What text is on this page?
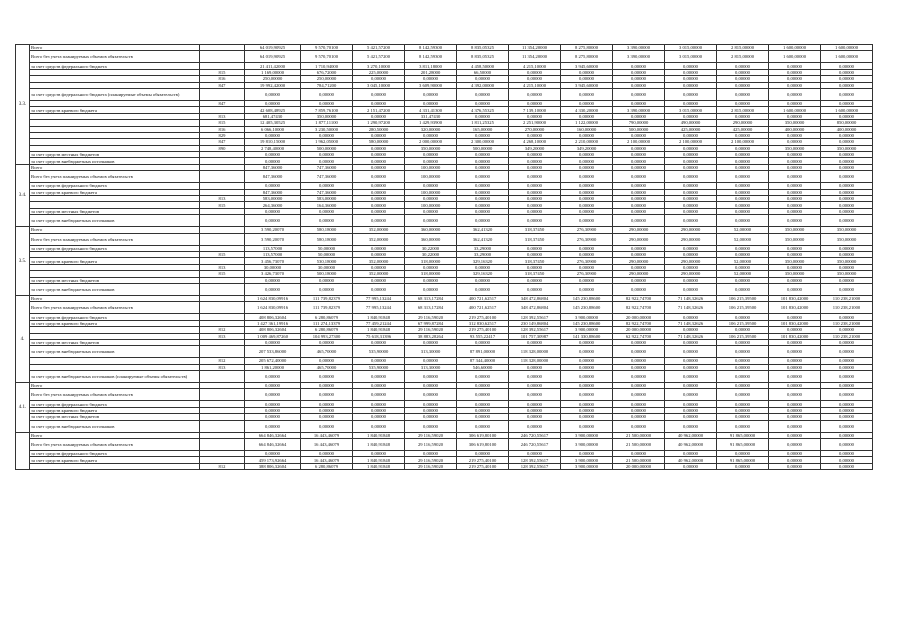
3.3.	Всего		64 019,90925	9 570,70100	5 421,57200	8 142,59300	8 835,05325	11 354,20000	8 275,80000	3 390,00000	3 015,00000	2 815,00000	1 600,00000	1 600,00000
	Всего без учета планируемых объемов обязательств		64 019,90925	9 570,70100	5 421,57200	8 142,59300	8 835,05325	11 354,20000	8 275,80000	3 390,00000	3 015,00000	2 815,00000	1 600,00000	1 600,00000
	за счет средств федерального бюджета		21 411,42000	1 710,94000	3 270,10000	3 811,18000	4 458,50000	4 215,10000	3 945,60000	0,00000	0,00000	0,00000	0,00000	0,00000
		815	1 169,00000	676,72000	225,00000	201,28000	66,50000	0,00000	0,00000	0,00000	0,00000	0,00000	0,00000	0,00000
		816	250,00000	250,00000	0,00000	0,00000	0,00000	0,00000	0,00000	0,00000	0,00000	0,00000	0,00000	0,00000
		847	19 992,42000	784,71200	3 045,10000	3 609,90000	4 392,00000	4 215,10000	3 945,60000	0,00000	0,00000	0,00000	0,00000	0,00000
	за счет средств федерального бюджета (планируемые объемы обязательств)		0,00000	0,00000	0,00000	0,00000	0,00000	0,00000	0,00000	0,00000	0,00000	0,00000	0,00000	0,00000
		847	0,00000	0,00000	0,00000	0,00000	0,00000	0,00000	0,00000	0,00000	0,00000	0,00000	0,00000	0,00000
	за счет средств краевого бюджета		42 608,48925	7 859,76100	2 151,47200	4 331,41300	4 376,55325	7 139,10000	4 330,20000	3 390,00000	3 015,00000	2 815,00000	1 600,00000	1 600,00000
		813	681,47430	350,00000	0,00000	331,47430	0,00000	0,00000	0,00000	0,00000	0,00000	0,00000	0,00000	0,00000
		815	12 405,30525	1 877,11100	1 290,97200	1 429,93900	1 811,25325	2 251,90000	1 122,00000	790,00000	490,00000	290,00000	350,00000	850,00000
		816	6 066,10000	3 230,50000	280,50000	320,00000	165,00000	270,00000	160,00000	500,00000	425,00000	425,00000	400,00000	400,00000
		829	0,00000	0,00000	0,00000	0,00000	0,00000	0,00000	0,00000	0,00000	0,00000	0,00000	0,00000	0,00000
		847	19 810,15000	1 962,05000	580,00000	2 000,00000	2 300,00000	4 268,10000	2 210,00000	2 100,00000	2 100,00000	2 100,00000	0,00000	0,00000
		890	2 748,40000	500,00000	0,00000	350,00000	500,00000	349,20000	349,20000	0,00000	0,00000	0,00000	350,00000	350,00000
	за счет средств местных бюджетов		0,00000	0,00000	0,00000	0,00000	0,00000	0,00000	0,00000	0,00000	0,00000	0,00000	0,00000	0,00000
	за счет средств внебюджетных источников		0,00000	0,00000	0,00000	0,00000	0,00000	0,00000	0,00000	0,00000	0,00000	0,00000	0,00000	0,00000
3.4.	Всего		847,36000	747,36000	0,00000	100,00000	0,00000	0,00000	0,00000	0,00000	0,00000	0,00000	0,00000	0,00000
	Всего без учета планируемых объемов обязательств		847,36000	747,36000	0,00000	100,00000	0,00000	0,00000	0,00000	0,00000	0,00000	0,00000	0,00000	0,00000
	за счет средств федерального бюджета		0,00000	0,00000	0,00000	0,00000	0,00000	0,00000	0,00000	0,00000	0,00000	0,00000	0,00000	0,00000
	за счет средств краевого бюджета		847,36000	747,36000	0,00000	100,00000	0,00000	0,00000	0,00000	0,00000	0,00000	0,00000	0,00000	0,00000
		813	583,00000	583,00000	0,00000	0,00000	0,00000	0,00000	0,00000	0,00000	0,00000	0,00000	0,00000	0,00000
		815	264,36000	164,36000	0,00000	100,00000	0,00000	0,00000	0,00000	0,00000	0,00000	0,00000	0,00000	0,00000
	за счет средств местных бюджетов		0,00000	0,00000	0,00000	0,00000	0,00000	0,00000	0,00000	0,00000	0,00000	0,00000	0,00000	0,00000
	за счет средств внебюджетных источников		0,00000	0,00000	0,00000	0,00000	0,00000	0,00000	0,00000	0,00000	0,00000	0,00000	0,00000	0,00000
3.5.	Всего		3 590,20070	580,18000	352,00000	360,00000	362,41320	318,37450	276,30900	290,00000	290,00000	52,00000	350,00000	350,00000
	Всего без учета планируемых объемов обязательств		3 590,20070	580,18000	352,00000	360,00000	362,41320	318,37450	276,30900	290,00000	290,00000	52,00000	350,00000	350,00000
	за счет средств федерального бюджета		113,57000	50,00000	0,00000	30,22000	33,29000	0,00000	0,00000	0,00000	0,00000	0,00000	0,00000	0,00000
		815	113,57000	50,00000	0,00000	30,22000	33,29000	0,00000	0,00000	0,00000	0,00000	0,00000	0,00000	0,00000
	за счет средств краевого бюджета		3 456,73070	530,18000	352,00000	318,00000	329,16320	318,37450	276,30900	290,00000	290,00000	52,00000	350,00000	350,00000
		813	30,00000	30,00000	0,00000	0,00000	0,00000	0,00000	0,00000	0,00000	0,00000	0,00000	0,00000	0,00000
		815	3 426,73070	500,18000	352,00000	318,00000	329,16320	318,37450	276,30900	290,00000	290,00000	52,00000	350,00000	350,00000
	за счет средств местных бюджетов		0,00000	0,00000	0,00000	0,00000	0,00000	0,00000	0,00000	0,00000	0,00000	0,00000	0,00000	0,00000
	за счет средств внебюджетных источников		0,00000	0,00000	0,00000	0,00000	0,00000	0,00000	0,00000	0,00000	0,00000	0,00000	0,00000	0,00000
4.	Всего		1 624 830,09916	111 739,82379	77 995,13244	68 313,17284	400 721,62517	348 472,86804	145 230,88600	82 922,74700	71 148,32626	106 215,39500	101 830,42000	110 238,21000
	Всего без учета планируемых объемов обязательств		1 624 830,09916	111 739,82379	77 995,13244	68 313,17284	400 721,62517	348 472,86804	145 230,88600	82 922,74700	71 148,32626	106 215,39500	101 830,42000	110 238,21000
	за счет средств федерального бюджета		408 806,32604	6 280,86079	1 840,91848	29 116,59020	219 275,40100	128 392,55617	3 900,00000	20 000,00000	0,00000	0,00000	0,00000	0,00000
	за счет средств краевого бюджета		1 427 361,19916	111 274,13379	77 459,21244	67 999,87284	312 830,62517	230 149,86804	145 230,88600	82 922,74700	71 148,32626	106 215,39500	101 830,42000	110 238,21000
		812	408 806,32604	6 280,86079	1 840,91848	29 116,59020	219 275,40100	128 392,55617	3 900,00000	20 000,00000	0,00000	0,00000	0,00000	0,00000
		813	1 009 469,87260	104 993,27300	75 618,31396	38 883,28264	93 555,22417	101 757,30987	141 330,88600	62 922,74700	71 148,32626	106 215,39500	101 830,42000	110 238,21000
	за счет средств местных бюджетов		0,00000	0,00000	0,00000	0,00000	0,00000	0,00000	0,00000	0,00000	0,00000	0,00000	0,00000	0,00000
	за счет средств внебюджетных источников		207 533,86000	465,70000	535,90000	313,30000	87 891,00000	118 328,00000	0,00000	0,00000	0,00000	0,00000	0,00000	0,00000
		812	205 672,40000	0,00000	0,00000	0,00000	87 344,40000	118 328,00000	0,00000	0,00000	0,00000	0,00000	0,00000	0,00000
		813	1 861,20000	465,70000	535,90000	313,30000	546,60000	0,00000	0,00000	0,00000	0,00000	0,00000	0,00000	0,00000
	за счет средств внебюджетных источников (планируемые объемы обязательств)		0,00000	0,00000	0,00000	0,00000	0,00000	0,00000	0,00000	0,00000	0,00000	0,00000	0,00000	0,00000
4.1.	Всего		0,00000	0,00000	0,00000	0,00000	0,00000	0,00000	0,00000	0,00000	0,00000	0,00000	0,00000	0,00000
	Всего без учета планируемых объемов обязательств		0,00000	0,00000	0,00000	0,00000	0,00000	0,00000	0,00000	0,00000	0,00000	0,00000	0,00000	0,00000
	за счет средств федерального бюджета		0,00000	0,00000	0,00000	0,00000	0,00000	0,00000	0,00000	0,00000	0,00000	0,00000	0,00000	0,00000
	за счет средств краевого бюджета		0,00000	0,00000	0,00000	0,00000	0,00000	0,00000	0,00000	0,00000	0,00000	0,00000	0,00000	0,00000
	за счет средств местных бюджетов		0,00000	0,00000	0,00000	0,00000	0,00000	0,00000	0,00000	0,00000	0,00000	0,00000	0,00000	0,00000
	за счет средств внебюджетных источников		0,00000	0,00000	0,00000	0,00000	0,00000	0,00000	0,00000	0,00000	0,00000	0,00000	0,00000	0,00000
	Всего		664 846,32664	16 443,46079	1 840,91848	29 116,59020	306 619,80100	246 720,55617	3 900,00000	21 500,00000	40 962,00000	91 865,00000	0,00000	0,00000
	Всего без учета планируемых объемов обязательств		664 846,32664	16 443,46079	1 840,91848	29 116,59020	306 619,80100	246 720,55617	3 900,00000	21 500,00000	40 962,00000	91 865,00000	0,00000	0,00000
	за счет средств федерального бюджета		0,00000	0,00000	0,00000	0,00000	0,00000	0,00000	0,00000	0,00000	0,00000	0,00000	0,00000	0,00000
	за счет средств краевого бюджета		459 173,92664	16 443,46079	1 840,91848	29 116,59020	219 275,40100	128 392,55617	3 900,00000	21 500,00000	40 962,00000	91 865,00000	0,00000	0,00000
		812	388 806,32604	6 280,86079	1 840,91848	29 116,59020	219 275,40100	128 392,55617	3 900,00000	20 000,00000	0,00000	0,00000	0,00000	0,00000
